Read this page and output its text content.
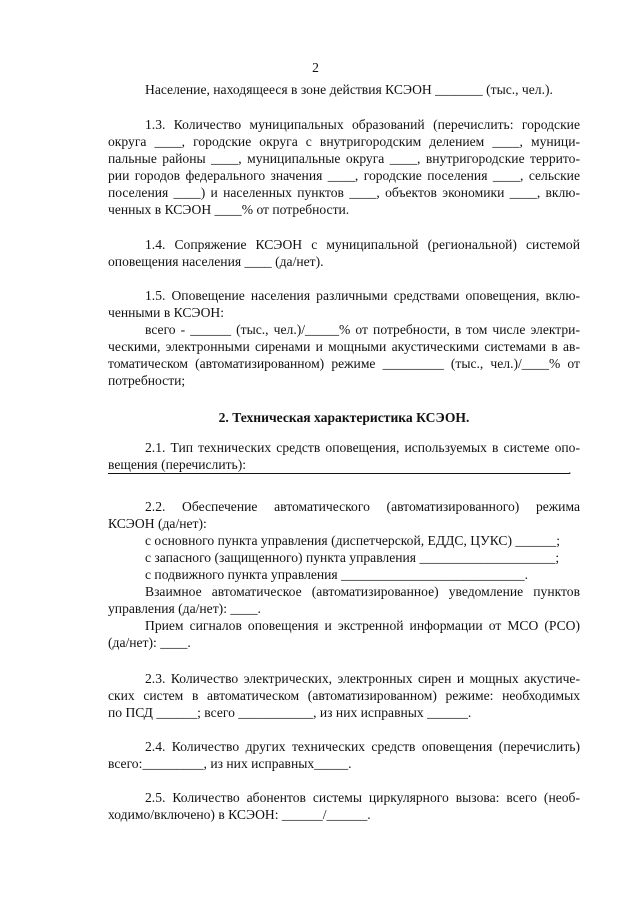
2
Население, находящееся в зоне действия КСЭОН _______ (тыс., чел.).
1.3. Количество муниципальных образований (перечислить: городские
округа ____, городские округа с внутригородским делением ____, муници-
пальные районы ____, муниципальные округа ____, внутригородские террито-
рии городов федерального значения ____, городские поселения ____, сельские
поселения ____) и населенных пунктов ____, объектов экономики ____, вклю-
ченных в КСЭОН ____% от потребности.
1.4. Сопряжение КСЭОН с муниципальной (региональной) системой
оповещения населения ____ (да/нет).
1.5. Оповещение населения различными средствами оповещения, вклю-
ченными в КСЭОН:
всего - ______ (тыс., чел.)/_____% от потребности, в том числе электри-
ческими, электронными сиренами и мощными акустическими системами в ав-
томатическом (автоматизированном) режиме _________ (тыс., чел.)/____% от
потребности;
2. Техническая характеристика КСЭОН.
2.1. Тип технических средств оповещения, используемых в системе опо-
вещения (перечислить):	.
2.2. Обеспечение автоматического (автоматизированного) режима
КСЭОН (да/нет):
с основного пункта управления (диспетчерской, ЕДДС, ЦУКС) ______;
с запасного (защищенного) пункта управления ____________________;
с подвижного пункта управления ___________________________.
Взаимное автоматическое (автоматизированное) уведомление пунктов
управления (да/нет): ____.
Прием сигналов оповещения и экстренной информации от МСО (РСО)
(да/нет): ____.
2.3. Количество электрических, электронных сирен и мощных акустиче-
ских систем в автоматическом (автоматизированном) режиме: необходимых
по ПСД ______; всего ___________, из них исправных ______.
2.4. Количество других технических средств оповещения (перечислить)
всего:_________, из них исправных_____.
2.5. Количество абонентов системы циркулярного вызова: всего (необ-
ходимо/включено) в КСЭОН: ______/______.
